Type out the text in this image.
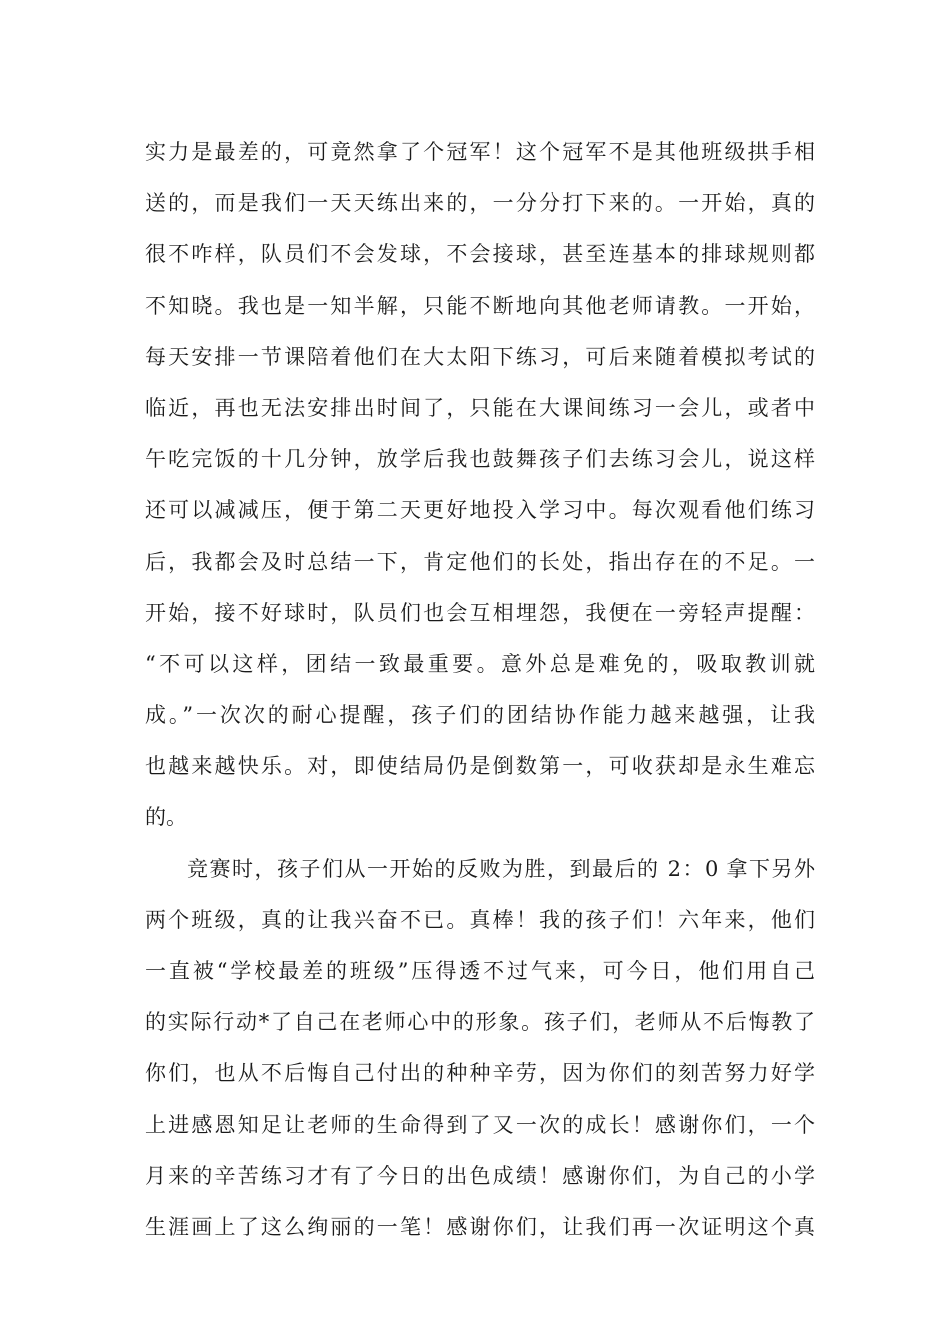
实力是最差的，可竟然拿了个冠军！这个冠军不是其他班级拱手相
送的，而是我们一天天练出来的，一分分打下来的。一开始，真的
很不咋样，队员们不会发球，不会接球，甚至连基本的排球规则都
不知晓。我也是一知半解，只能不断地向其他老师请教。一开始，
每天安排一节课陪着他们在大太阳下练习，可后来随着模拟考试的
临近，再也无法安排出时间了，只能在大课间练习一会儿，或者中
午吃完饭的十几分钟，放学后我也鼓舞孩子们去练习会儿，说这样
还可以减减压，便于第二天更好地投入学习中。每次观看他们练习
后，我都会及时总结一下，肯定他们的长处，指出存在的不足。一
开始，接不好球时，队员们也会互相埋怨，我便在一旁轻声提醒：
“不可以这样，团结一致最重要。意外总是难免的，吸取教训就
成。”一次次的耐心提醒，孩子们的团结协作能力越来越强，让我
也越来越快乐。对，即使结局仍是倒数第一，可收获却是永生难忘
的。
竞赛时，孩子们从一开始的反败为胜，到最后的 2：0 拿下另外
两个班级，真的让我兴奋不已。真棒！我的孩子们！六年来，他们
一直被“学校最差的班级”压得透不过气来，可今日，他们用自己
的实际行动*了自己在老师心中的形象。孩子们，老师从不后悔教了
你们，也从不后悔自己付出的种种辛劳，因为你们的刻苦努力好学
上进感恩知足让老师的生命得到了又一次的成长！感谢你们，一个
月来的辛苦练习才有了今日的出色成绩！感谢你们，为自己的小学
生涯画上了这么绚丽的一笔！感谢你们，让我们再一次证明这个真
